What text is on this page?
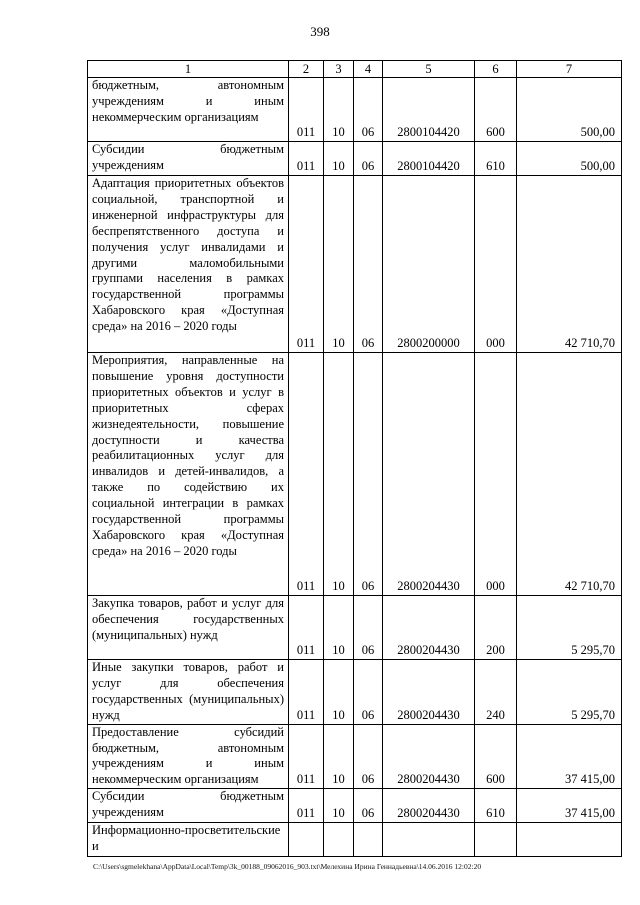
398
1	2	3	4	5	6	7
бюджетным, автономным учреждениям и иным некоммерческим организациям	011	10	06	2800104420	600	500,00
Субсидии бюджетным учреждениям	011	10	06	2800104420	610	500,00
Адаптация приоритетных объектов социальной, транспортной и инженерной инфраструктуры для беспрепятственного доступа и получения услуг инвалидами и другими маломобильными группами населения в рамках государственной программы Хабаровского края «Доступная среда» на 2016 – 2020 годы	011	10	06	2800200000	000	42 710,70
Мероприятия, направленные на повышение уровня доступности приоритетных объектов и услуг в приоритетных сферах жизнедеятельности, повышение доступности и качества реабилитационных услуг для инвалидов и детей-инвалидов, а также по содействию их социальной интеграции в рамках государственной программы Хабаровского края «Доступная среда» на 2016 – 2020 годы	011	10	06	2800204430	000	42 710,70
Закупка товаров, работ и услуг для обеспечения государственных (муниципальных) нужд	011	10	06	2800204430	200	5 295,70
Иные закупки товаров, работ и услуг для обеспечения государственных (муниципальных) нужд	011	10	06	2800204430	240	5 295,70
Предоставление субсидий бюджетным, автономным учреждениям и иным некоммерческим организациям	011	10	06	2800204430	600	37 415,00
Субсидии бюджетным учреждениям	011	10	06	2800204430	610	37 415,00
Информационно-просветительские и						
C:\Users\sgmelekhana\AppData\Local\Temp\3k_00188_09062016_903.txt\Мелехина Ирина Геннадьевна\14.06.2016 12:02:20
